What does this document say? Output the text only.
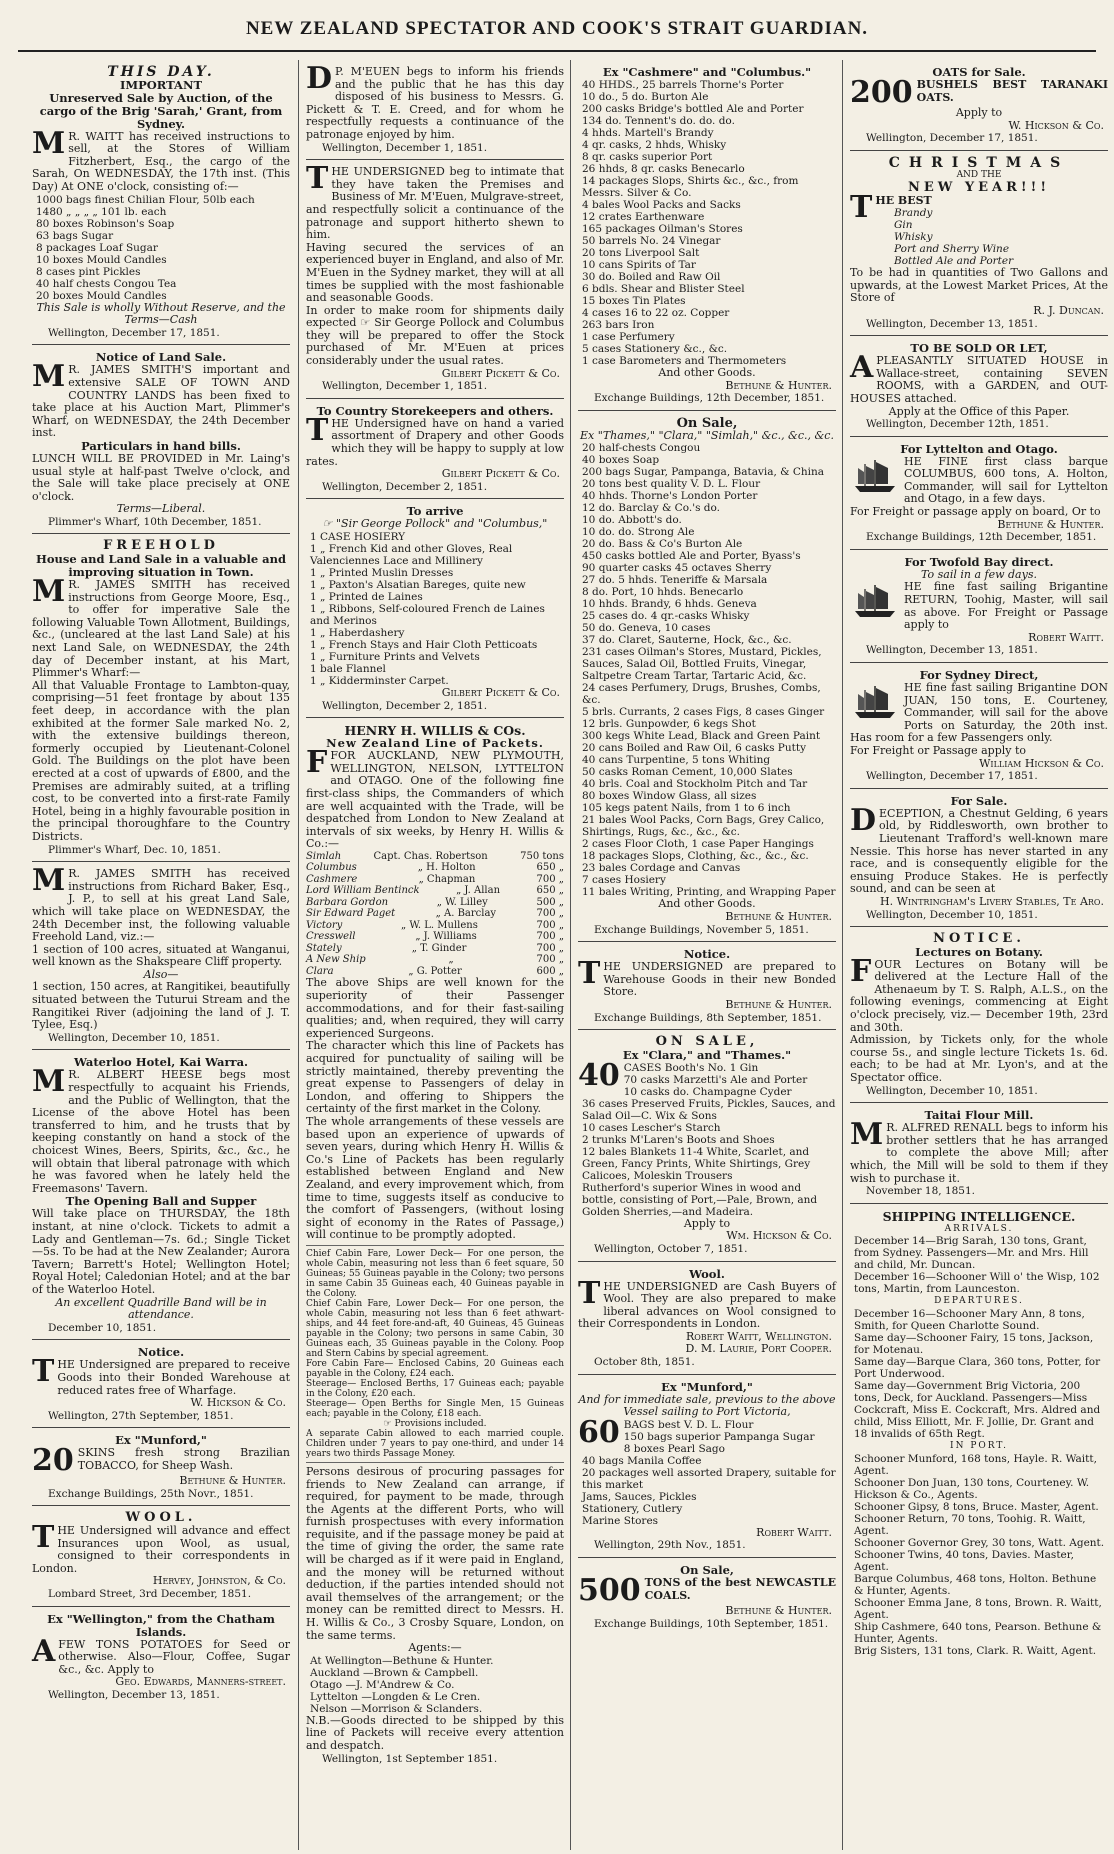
NEW ZEALAND SPECTATOR AND COOK'S STRAIT GUARDIAN.
THIS DAY.
IMPORTANT
Unreserved Sale by Auction, of the cargo of the Brig 'Sarah,' Grant, from Sydney.
M R. WAITT has received instructions to sell, at the Stores of William Fitzherbert, Esq., the cargo of the Sarah, On WEDNESDAY, the 17th inst. (This Day) At ONE o'clock, consisting of:—
1000 bags finest Chilian Flour, 50lb each
1480 „ „ „ „ 101 lb. each
80 boxes Robinson's Soap
63 bags Sugar
8 packages Loaf Sugar
10 boxes Mould Candles
8 cases pint Pickles
40 half chests Congou Tea
20 boxes Mould Candles
This Sale is wholly Without Reserve, and the Terms—Cash
Wellington, December 17, 1851.
Notice of Land Sale.
M R. JAMES SMITH'S important and extensive SALE OF TOWN AND COUNTRY LANDS has been fixed to take place at his Auction Mart, Plimmer's Wharf, on WEDNESDAY, the 24th December inst.
Particulars in hand bills.
LUNCH WILL BE PROVIDED in Mr. Laing's usual style at half-past Twelve o'clock, and the Sale will take place precisely at ONE o'clock.
Terms—Liberal.
Plimmer's Wharf, 10th December, 1851.
FREEHOLD
House and Land Sale in a valuable and improving situation in Town.
M R. JAMES SMITH has received instructions from George Moore, Esq., to offer for imperative Sale the following Valuable Town Allotment, Buildings, &c., (uncleared at the last Land Sale) at his next Land Sale, on WEDNESDAY, the 24th day of December instant, at his Mart, Plimmer's Wharf:—
All that Valuable Frontage to Lambton-quay, comprising—51 feet frontage by about 135 feet deep, in accordance with the plan exhibited at the former Sale marked No. 2, with the extensive buildings thereon, formerly occupied by Lieutenant-Colonel Gold. The Buildings on the plot have been erected at a cost of upwards of £800, and the Premises are admirably suited, at a trifling cost, to be converted into a first-rate Family Hotel, being in a highly favourable position in the principal thoroughfare to the Country Districts.
Plimmer's Wharf, Dec. 10, 1851.
M R. JAMES SMITH has received instructions from Richard Baker, Esq., J. P., to sell at his great Land Sale, which will take place on WEDNESDAY, the 24th December inst, the following valuable Freehold Land, viz.:—
1 section of 100 acres, situated at Wanganui, well known as the Shakspeare Cliff property.
Also—
1 section, 150 acres, at Rangitikei, beautifully situated between the Tuturui Stream and the Rangitikei River (adjoining the land of J. T. Tylee, Esq.)
Wellington, December 10, 1851.
Waterloo Hotel, Kai Warra.
M R. ALBERT HEESE begs most respectfully to acquaint his Friends, and the Public of Wellington, that the License of the above Hotel has been transferred to him, and he trusts that by keeping constantly on hand a stock of the choicest Wines, Beers, Spirits, &c., &c., he will obtain that liberal patronage with which he was favored when he lately held the Freemasons' Tavern.
The Opening Ball and Supper
Will take place on THURSDAY, the 18th instant, at nine o'clock. Tickets to admit a Lady and Gentleman—7s. 6d.; Single Ticket —5s. To be had at the New Zealander; Aurora Tavern; Barrett's Hotel; Wellington Hotel; Royal Hotel; Caledonian Hotel; and at the bar of the Waterloo Hotel.
An excellent Quadrille Band will be in attendance.
December 10, 1851.
Notice.
THE Undersigned are prepared to receive Goods into their Bonded Warehouse at reduced rates free of Wharfage.
W. Hickson & Co.
Wellington, 27th September, 1851.
Ex "Munford,"
20 SKINS fresh strong Brazilian TOBACCO, for Sheep Wash.
Bethune & Hunter.
Exchange Buildings, 25th Novr., 1851.
WOOL.
THE Undersigned will advance and effect Insurances upon Wool, as usual, consigned to their correspondents in London.
Hervey, Johnston, & Co.
Lombard Street, 3rd December, 1851.
Ex "Wellington," from the Chatham Islands.
AFEW TONS POTATOES for Seed or otherwise. Also—Flour, Coffee, Sugar &c., &c. Apply to
Geo. Edwards, Manners-street.
Wellington, December 13, 1851.
D P. M'EUEN begs to inform his friends and the public that he has this day disposed of his business to Messrs. G. Pickett & T. E. Creed, and for whom he respectfully requests a continuance of the patronage enjoyed by him.
Wellington, December 1, 1851.
THE UNDERSIGNED beg to intimate that they have taken the Premises and Business of Mr. M'Euen, Mulgrave-street, and respectfully solicit a continuance of the patronage and support hitherto shewn to him.
Having secured the services of an experienced buyer in England, and also of Mr. M'Euen in the Sydney market, they will at all times be supplied with the most fashionable and seasonable Goods.
In order to make room for shipments daily expected ☞ Sir George Pollock and Columbus they will be prepared to offer the Stock purchased of Mr. M'Euen at prices considerably under the usual rates.
Gilbert Pickett & Co.
Wellington, December 1, 1851.
To Country Storekeepers and others.
THE Undersigned have on hand a varied assortment of Drapery and other Goods which they will be happy to supply at low rates.
Gilbert Pickett & Co.
Wellington, December 2, 1851.
To arrive
☞ "Sir George Pollock" and "Columbus,"
1 CASE HOSIERY
1 „ French Kid and other Gloves, Real Valenciennes Lace and Millinery
1 „ Printed Muslin Dresses
1 „ Paxton's Alsatian Bareges, quite new
1 „ Printed de Laines
1 „ Ribbons, Self-coloured French de Laines and Merinos
1 „ Haberdashery
1 „ French Stays and Hair Cloth Petticoats
1 „ Furniture Prints and Velvets
1 bale Flannel
1 „ Kidderminster Carpet.
Gilbert Pickett & Co.
Wellington, December 2, 1851.
HENRY H. WILLIS & COs.
New Zealand Line of Packets.
FFOR AUCKLAND, NEW PLYMOUTH, WELLINGTON, NELSON, LYTTELTON and OTAGO. One of the following fine first-class ships, the Commanders of which are well acquainted with the Trade, will be despatched from London to New Zealand at intervals of six weeks, by Henry H. Willis & Co.:—
Simlah	Capt. Chas. Robertson	750 tons
Columbus	„ H. Holton	650 „
Cashmere	„ Chapman	700 „
Lord William Bentinck	„ J. Allan	650 „
Barbara Gordon	„ W. Lilley	500 „
Sir Edward Paget	„ A. Barclay	700 „
Victory	„ W. L. Mullens	700 „
Cresswell	„ J. Williams	700 „
Stately	„ T. Ginder	700 „
A New Ship	„	700 „
Clara	„ G. Potter	600 „
The above Ships are well known for the superiority of their Passenger accommodations, and for their fast-sailing qualities; and, when required, they will carry experienced Surgeons.
The character which this line of Packets has acquired for punctuality of sailing will be strictly maintained, thereby preventing the great expense to Passengers of delay in London, and offering to Shippers the certainty of the first market in the Colony.
The whole arrangements of these vessels are based upon an experience of upwards of seven years, during which Henry H. Willis & Co.'s Line of Packets has been regularly established between England and New Zealand, and every improvement which, from time to time, suggests itself as conducive to the comfort of Passengers, (without losing sight of economy in the Rates of Passage,) will continue to be promptly adopted.
Chief Cabin Fare, Lower Deck— For one person, the whole Cabin, measuring not less than 6 feet square, 50 Guineas; 55 Guineas payable in the Colony; two persons in same Cabin 35 Guineas each, 40 Guineas payable in the Colony.
Chief Cabin Fare, Lower Deck— For one person, the whole Cabin, measuring not less than 6 feet athwart-ships, and 44 feet fore-and-aft, 40 Guineas, 45 Guineas payable in the Colony; two persons in same Cabin, 30 Guineas each, 35 Guineas payable in the Colony. Poop and Stern Cabins by special agreement.
Fore Cabin Fare— Enclosed Cabins, 20 Guineas each payable in the Colony, £24 each.
Steerage— Enclosed Berths, 17 Guineas each; payable in the Colony, £20 each.
Steerage— Open Berths for Single Men, 15 Guineas each; payable in the Colony, £18 each.
☞ Provisions included.
A separate Cabin allowed to each married couple. Children under 7 years to pay one-third, and under 14 years two thirds Passage Money.
Persons desirous of procuring passages for friends to New Zealand can arrange, if required, for payment to be made, through the Agents at the different Ports, who will furnish prospectuses with every information requisite, and if the passage money be paid at the time of giving the order, the same rate will be charged as if it were paid in England, and the money will be returned without deduction, if the parties intended should not avail themselves of the arrangement; or the money can be remitted direct to Messrs. H. H. Willis & Co., 3 Crosby Square, London, on the same terms.
Agents:—
At Wellington—Bethune & Hunter.
Auckland —Brown & Campbell.
Otago —J. M'Andrew & Co.
Lyttelton —Longden & Le Cren.
Nelson —Morrison & Sclanders.
N.B.—Goods directed to be shipped by this line of Packets will receive every attention and despatch.
Wellington, 1st September 1851.
Ex "Cashmere" and "Columbus."
40 HHDS., 25 barrels Thorne's Porter
10 do., 5 do. Burton Ale
200 casks Bridge's bottled Ale and Porter
134 do. Tennent's do. do. do.
4 hhds. Martell's Brandy
4 qr. casks, 2 hhds, Whisky
8 qr. casks superior Port
26 hhds, 8 qr. casks Benecarlo
14 packages Slops, Shirts &c., &c., from Messrs. Silver & Co.
4 bales Wool Packs and Sacks
12 crates Earthenware
165 packages Oilman's Stores
50 barrels No. 24 Vinegar
20 tons Liverpool Salt
10 cans Spirits of Tar
30 do. Boiled and Raw Oil
6 bdls. Shear and Blister Steel
15 boxes Tin Plates
4 cases 16 to 22 oz. Copper
263 bars Iron
1 case Perfumery
5 cases Stationery &c., &c.
1 case Barometers and Thermometers
And other Goods.
Bethune & Hunter.
Exchange Buildings, 12th December, 1851.
On Sale,
Ex "Thames," "Clara," "Simlah," &c., &c., &c.
20 half-chests Congou
40 boxes Soap
200 bags Sugar, Pampanga, Batavia, & China
20 tons best quality V. D. L. Flour
40 hhds. Thorne's London Porter
12 do. Barclay & Co.'s do.
10 do. Abbott's do.
10 do. do. Strong Ale
20 do. Bass & Co's Burton Ale
450 casks bottled Ale and Porter, Byass's
90 quarter casks 45 octaves Sherry
27 do. 5 hhds. Teneriffe & Marsala
8 do. Port, 10 hhds. Benecarlo
10 hhds. Brandy, 6 hhds. Geneva
25 cases do. 4 qr.-casks Whisky
50 do. Geneva, 10 cases
37 do. Claret, Sauterne, Hock, &c., &c.
231 cases Oilman's Stores, Mustard, Pickles, Sauces, Salad Oil, Bottled Fruits, Vinegar, Saltpetre Cream Tartar, Tartaric Acid, &c.
24 cases Perfumery, Drugs, Brushes, Combs, &c.
5 brls. Currants, 2 cases Figs, 8 cases Ginger
12 brls. Gunpowder, 6 kegs Shot
300 kegs White Lead, Black and Green Paint
20 cans Boiled and Raw Oil, 6 casks Putty
40 cans Turpentine, 5 tons Whiting
50 casks Roman Cement, 10,000 Slates
40 brls. Coal and Stockholm Pitch and Tar
80 boxes Window Glass, all sizes
105 kegs patent Nails, from 1 to 6 inch
21 bales Wool Packs, Corn Bags, Grey Calico, Shirtings, Rugs, &c., &c., &c.
2 cases Floor Cloth, 1 case Paper Hangings
18 packages Slops, Clothing, &c., &c., &c.
23 bales Cordage and Canvas
7 cases Hosiery
11 bales Writing, Printing, and Wrapping Paper
And other Goods.
Bethune & Hunter.
Exchange Buildings, November 5, 1851.
Notice.
THE UNDERSIGNED are prepared to Warehouse Goods in their new Bonded Store.
Bethune & Hunter.
Exchange Buildings, 8th September, 1851.
ON SALE,
Ex "Clara," and "Thames."
40 CASES Booth's No. 1 Gin
70 casks Marzetti's Ale and Porter
10 casks do. Champagne Cyder
36 cases Preserved Fruits, Pickles, Sauces, and Salad Oil—C. Wix & Sons
10 cases Lescher's Starch
2 trunks M'Laren's Boots and Shoes
12 bales Blankets 11-4 White, Scarlet, and Green, Fancy Prints, White Shirtings, Grey Calicoes, Moleskin Trousers
Rutherford's superior Wines in wood and bottle, consisting of Port,—Pale, Brown, and Golden Sherries,—and Madeira.
Apply to
Wm. Hickson & Co.
Wellington, October 7, 1851.
Wool.
THE UNDERSIGNED are Cash Buyers of Wool. They are also prepared to make liberal advances on Wool consigned to their Correspondents in London.
Robert Waitt, Wellington.
D. M. Laurie, Port Cooper.
October 8th, 1851.
Ex "Munford,"
And for immediate sale, previous to the above Vessel sailing to Port Victoria,
60 BAGS best V. D. L. Flour
150 bags superior Pampanga Sugar
8 boxes Pearl Sago
40 bags Manila Coffee
20 packages well assorted Drapery, suitable for this market
Jams, Sauces, Pickles
Stationery, Cutlery
Marine Stores
Robert Waitt.
Wellington, 29th Nov., 1851.
On Sale,
500 TONS of the best NEWCASTLE COALS.
Bethune & Hunter.
Exchange Buildings, 10th September, 1851.
OATS for Sale.
200 BUSHELS BEST TARANAKI OATS.
Apply to
W. Hickson & Co.
Wellington, December 17, 1851.
CHRISTMAS
AND THE
NEW YEAR!!!
THE BEST
Brandy
Gin
Whisky
Port and Sherry Wine
Bottled Ale and Porter
To be had in quantities of Two Gallons and upwards, at the Lowest Market Prices, At the Store of
R. J. Duncan.
Wellington, December 13, 1851.
TO BE SOLD OR LET,
APLEASANTLY SITUATED HOUSE in Wallace-street, containing SEVEN ROOMS, with a GARDEN, and OUT-HOUSES attached.
Apply at the Office of this Paper.
Wellington, December 12th, 1851.
For Lyttelton and Otago.
HE FINE first class barque COLUMBUS, 600 tons, A. Holton, Commander, will sail for Lyttelton and Otago, in a few days.
For Freight or passage apply on board, Or to
Bethune & Hunter.
Exchange Buildings, 12th December, 1851.
For Twofold Bay direct.
To sail in a few days.
HE fine fast sailing Brigantine RETURN, Toohig, Master, will sail as above. For Freight or Passage apply to
Robert Waitt.
Wellington, December 13, 1851.
For Sydney Direct,
HE fine fast sailing Brigantine DON JUAN, 150 tons, E. Courteney, Commander, will sail for the above Ports on Saturday, the 20th inst. Has room for a few Passengers only.
For Freight or Passage apply to
William Hickson & Co.
Wellington, December 17, 1851.
For Sale.
DECEPTION, a Chestnut Gelding, 6 years old, by Riddlesworth, own brother to Lieutenant Trafford's well-known mare Nessie. This horse has never started in any race, and is consequently eligible for the ensuing Produce Stakes. He is perfectly sound, and can be seen at
H. Wintringham's Livery Stables, Te Aro.
Wellington, December 10, 1851.
NOTICE.
Lectures on Botany.
FOUR Lectures on Botany will be delivered at the Lecture Hall of the Athenaeum by T. S. Ralph, A.L.S., on the following evenings, commencing at Eight o'clock precisely, viz.— December 19th, 23rd and 30th.
Admission, by Tickets only, for the whole course 5s., and single lecture Tickets 1s. 6d. each; to be had at Mr. Lyon's, and at the Spectator office.
Wellington, December 10, 1851.
Taitai Flour Mill.
M R. ALFRED RENALL begs to inform his brother settlers that he has arranged to complete the above Mill; after which, the Mill will be sold to them if they wish to purchase it.
November 18, 1851.
SHIPPING INTELLIGENCE.
ARRIVALS.
December 14—Brig Sarah, 130 tons, Grant, from Sydney. Passengers—Mr. and Mrs. Hill and child, Mr. Duncan.
December 16—Schooner Will o' the Wisp, 102 tons, Martin, from Launceston.
DEPARTURES.
December 16—Schooner Mary Ann, 8 tons, Smith, for Queen Charlotte Sound.
Same day—Schooner Fairy, 15 tons, Jackson, for Motenau.
Same day—Barque Clara, 360 tons, Potter, for Port Underwood.
Same day—Government Brig Victoria, 200 tons, Deck, for Auckland. Passengers—Miss Cockcraft, Miss E. Cockcraft, Mrs. Aldred and child, Miss Elliott, Mr. F. Jollie, Dr. Grant and 18 invalids of 65th Regt.
IN PORT.
Schooner Munford, 168 tons, Hayle. R. Waitt, Agent.
Schooner Don Juan, 130 tons, Courteney. W. Hickson & Co., Agents.
Schooner Gipsy, 8 tons, Bruce. Master, Agent.
Schooner Return, 70 tons, Toohig. R. Waitt, Agent.
Schooner Governor Grey, 30 tons, Watt. Agent.
Schooner Twins, 40 tons, Davies. Master, Agent.
Barque Columbus, 468 tons, Holton. Bethune & Hunter, Agents.
Schooner Emma Jane, 8 tons, Brown. R. Waitt, Agent.
Ship Cashmere, 640 tons, Pearson. Bethune & Hunter, Agents.
Brig Sisters, 131 tons, Clark. R. Waitt, Agent.
